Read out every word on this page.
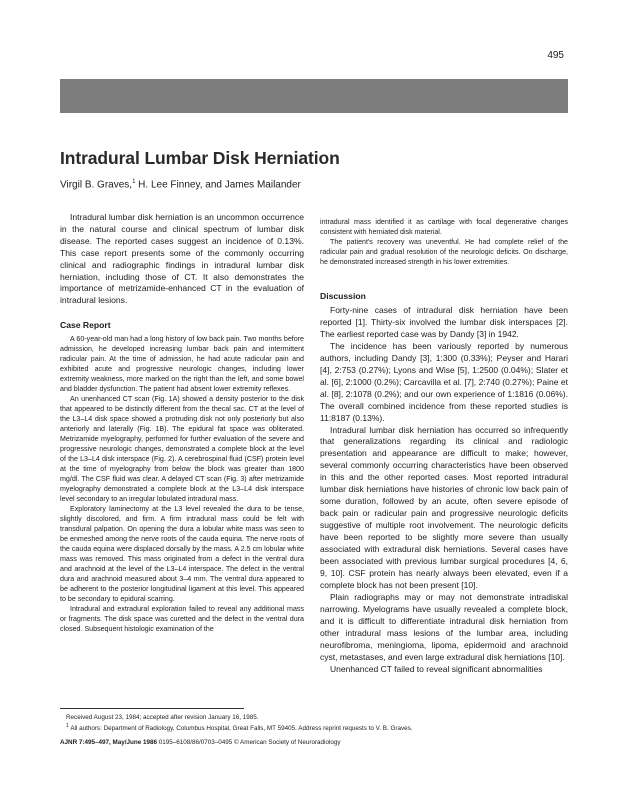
495
Intradural Lumbar Disk Herniation
Virgil B. Graves,$^1$ H. Lee Finney, and James Mailander

Intradural lumbar disk herniation is an uncommon occurrence in the natural course and clinical spectrum of lumbar disk disease. The reported cases suggest an incidence of 0.13%. This case report presents some of the commonly occurring clinical and radiographic findings in intradural lumbar disk herniation, including those of CT. It also demonstrates the importance of metrizamide-enhanced CT in the evaluation of intradural lesions.

Case Report

A 60-year-old man had a long history of low back pain. Two months before admission, he developed increasing lumbar back pain and intermittent radicular pain. At the time of admission, he had acute radicular pain and exhibited acute and progressive neurologic changes, including lower extremity weakness, more marked on the right than the left, and some bowel and bladder dysfunction. The patient had absent lower extremity reflexes.

An unenhanced CT scan (Fig. 1A) showed a density posterior to the disk that appeared to be distinctly different from the thecal sac. CT at the level of the L3–L4 disk space showed a protruding disk not only posteriorly but also anteriorly and laterally (Fig. 1B). The epidural fat space was obliterated. Metrizamide myelography, performed for further evaluation of the severe and progressive neurologic changes, demonstrated a complete block at the level of the L3–L4 disk interspace (Fig. 2). A cerebrospinal fluid (CSF) protein level at the time of myelography from below the block was greater than 1800 mg/dl. The CSF fluid was clear. A delayed CT scan (Fig. 3) after metrizamide myelography demonstrated a complete block at the L3–L4 disk interspace level secondary to an irregular lobulated intradural mass.

Exploratory laminectomy at the L3 level revealed the dura to be tense, slightly discolored, and firm. A firm intradural mass could be felt with transdural palpation. On opening the dura a lobular white mass was seen to be enmeshed among the nerve roots of the cauda equina. The nerve roots of the cauda equina were displaced dorsally by the mass. A 2.5 cm lobular white mass was removed. This mass originated from a defect in the ventral dura and arachnoid at the level of the L3–L4 interspace. The defect in the ventral dura and arachnoid measured about 3–4 mm. The ventral dura appeared to be adherent to the posterior longitudinal ligament at this level. This appeared to be secondary to epidural scarring.

Intradural and extradural exploration failed to reveal any additional mass or fragments. The disk space was curetted and the defect in the ventral dura closed. Subsequent histologic examination of the

intradural mass identified it as cartilage with focal degenerative changes consistent with herniated disk material.

The patient's recovery was uneventful. He had complete relief of the radicular pain and gradual resolution of the neurologic deficits. On discharge, he demonstrated increased strength in his lower extremities.

Discussion

Forty-nine cases of intradural disk herniation have been reported [1]. Thirty-six involved the lumbar disk interspaces [2]. The earliest reported case was by Dandy [3] in 1942.

The incidence has been variously reported by numerous authors, including Dandy [3], 1:300 (0.33%); Peyser and Harari [4], 2:753 (0.27%); Lyons and Wise [5], 1:2500 (0.04%); Slater et al. [6], 2:1000 (0.2%); Carcavilla et al. [7], 2:740 (0.27%); Paine et al. [8], 2:1078 (0.2%); and our own experience of 1:1816 (0.06%). The overall combined incidence from these reported studies is 11:8187 (0.13%).

Intradural lumbar disk herniation has occurred so infrequently that generalizations regarding its clinical and radiologic presentation and appearance are difficult to make; however, several commonly occurring characteristics have been observed in this and the other reported cases. Most reported intradural lumbar disk herniations have histories of chronic low back pain of some duration, followed by an acute, often severe episode of back pain or radicular pain and progressive neurologic deficits suggestive of multiple root involvement. The neurologic deficits have been reported to be slightly more severe than usually associated with extradural disk herniations. Several cases have been associated with previous lumbar surgical procedures [4, 6, 9, 10]. CSF protein has nearly always been elevated, even if a complete block has not been present [10].

Plain radiographs may or may not demonstrate intradiskal narrowing. Myelograms have usually revealed a complete block, and it is difficult to differentiate intradural disk herniation from other intradural mass lesions of the lumbar area, including neurofibroma, meningioma, lipoma, epidermoid and arachnoid cyst, metastases, and even large extradural disk herniations [10].

Unenhanced CT failed to reveal significant abnormalities

Received August 23, 1984; accepted after revision January 16, 1985.
$^1$ All authors: Department of Radiology, Columbus Hospital, Great Falls, MT 59405. Address reprint requests to V. B. Graves.
AJNR 7:495–497, May/June 1986 0195–6108/86/0703–0495 © American Society of Neuroradiology
